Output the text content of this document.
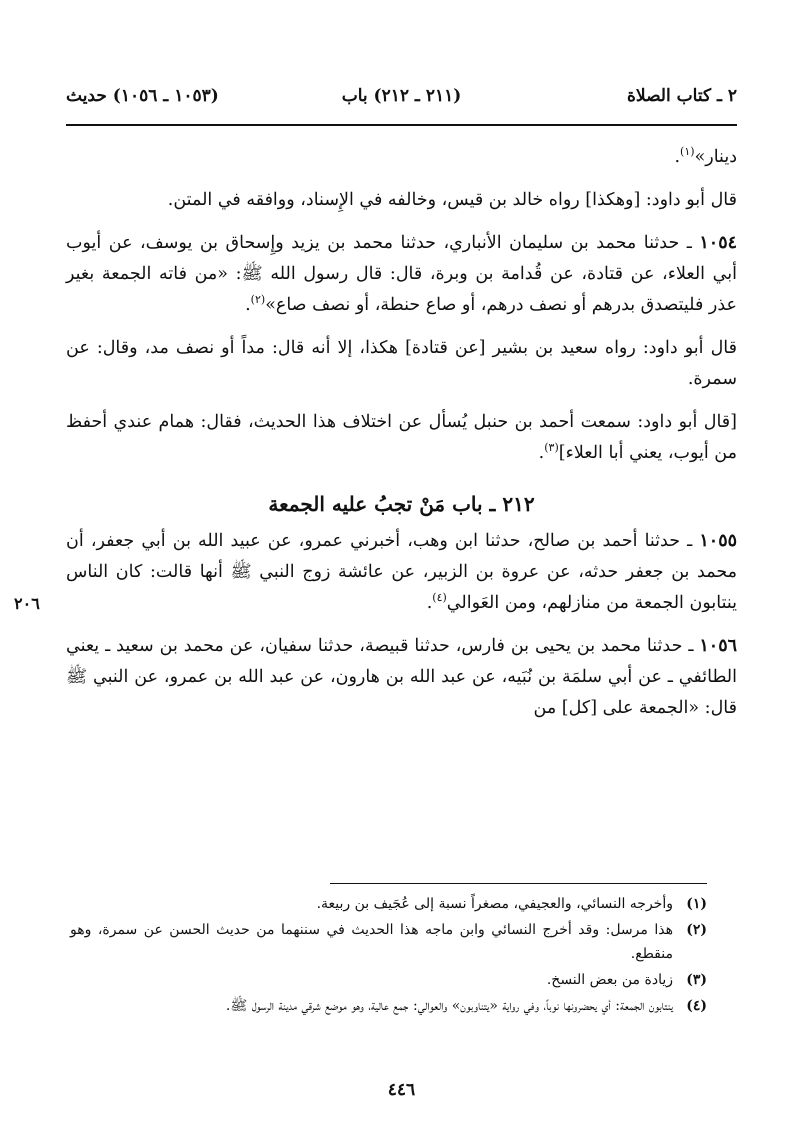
٢ ـ كتاب الصلاة
(٢١١ ـ ٢١٢) باب
(١٠٥٣ ـ ١٠٥٦) حديث

دينار»$^{(١)}$.

قال أبو داود: [وهكذا] رواه خالد بن قيس، وخالفه في الإِسناد، ووافقه في المتن.

١٠٥٤ ـ حدثنا محمد بن سليمان الأنباري، حدثنا محمد بن يزيد وإِسحاق بن يوسف، عن أيوب أبي العلاء، عن قتادة، عن قُدامة بن وبرة، قال: قال رسول الله ﷺ: «من فاته الجمعة بغير عذر فليتصدق بدرهم أو نصف درهم، أو صاع حنطة، أو نصف صاع»$^{(٢)}$.

قال أبو داود: رواه سعيد بن بشير [عن قتادة] هكذا، إلا أنه قال: مداً أو نصف مد، وقال: عن سمرة.

[قال أبو داود: سمعت أحمد بن حنبل يُسأل عن اختلاف هذا الحديث، فقال: همام عندي أحفظ من أيوب، يعني أبا العلاء]$^{(٣)}$.

٢١٢ ـ باب مَنْ تجبُ عليه الجمعة

١٠٥٥ ـ حدثنا أحمد بن صالح، حدثنا ابن وهب، أخبرني عمرو، عن عبيد الله بن أبي جعفر، أن محمد بن جعفر حدثه، عن عروة بن الزبير، عن عائشة زوج النبي ﷺ أنها قالت: كان الناس ينتابون الجمعة من منازلهم، ومن العَوالي$^{(٤)}$.

١٠٥٦ ـ حدثنا محمد بن يحيى بن فارس، حدثنا قبيصة، حدثنا سفيان، عن محمد بن سعيد ـ يعني الطائفي ـ عن أبي سلمَة بن نُبَيه، عن عبد الله بن هارون، عن عبد الله بن عمرو، عن النبي ﷺ قال: «الجمعة على [كل] من

٢٠٦
(١)
وأخرجه النسائي، والعجيفي، مصغراً نسبة إلى عُجَيف بن ربيعة.
(٢)
هذا مرسل: وقد أخرج النسائي وابن ماجه هذا الحديث في سننهما من حديث الحسن عن سمرة، وهو منقطع.
(٣)
زيادة من بعض النسخ.
(٤)
ينتابون الجمعة: أي يحضرونها نوباً، وفي رواية «يتناوبون» والعوالي: جمع عالية، وهو موضع شرقي مدينة الرسول ﷺ.
٤٤٦
